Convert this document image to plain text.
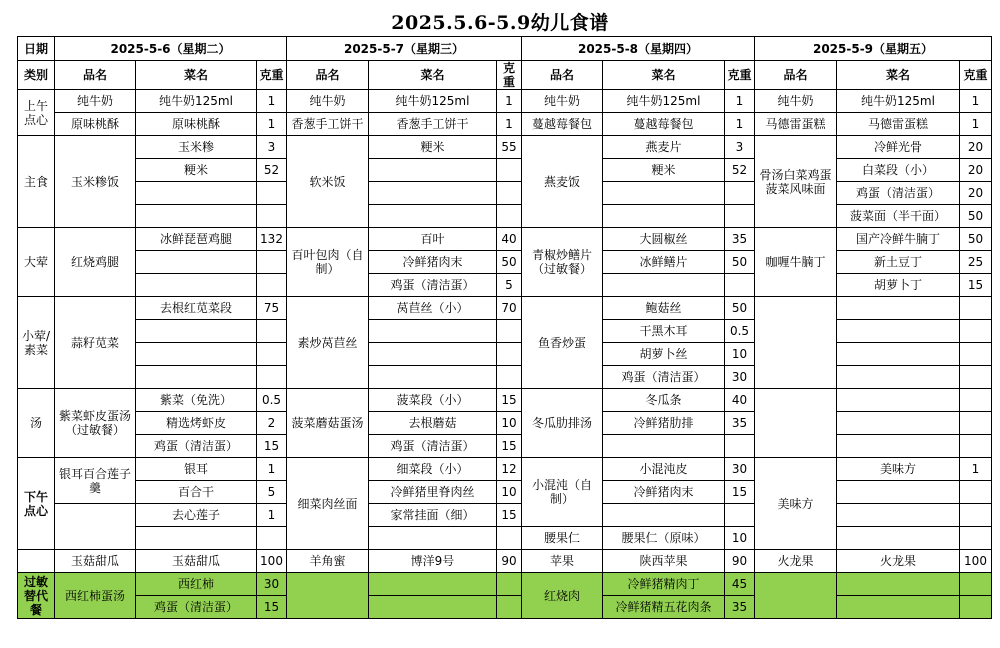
2025.5.6-5.9幼儿食谱
日期	2025-5-6（星期二）			2025-5-7（星期三）			2025-5-8（星期四）			2025-5-9（星期五）		
类别	品名	菜名	克重	品名	菜名	克重	品名	菜名	克重	品名	菜名	克重
上午点心	纯牛奶	纯牛奶125ml	1	纯牛奶	纯牛奶125ml	1	纯牛奶	纯牛奶125ml	1	纯牛奶	纯牛奶125ml	1
	原味桃酥	原味桃酥	1	香葱手工饼干	香葱手工饼干	1	蔓越莓餐包	蔓越莓餐包	1	马德雷蛋糕	马德雷蛋糕	1
主食	玉米糁饭	玉米糁	3	软米饭	粳米	55	燕麦饭	燕麦片	3	骨汤白菜鸡蛋菠菜风味面	冷鲜光骨	20
		粳米	52					粳米	52		白菜段（小）	20
											鸡蛋（清洁蛋）	20
											菠菜面（半干面）	50
大荤	红烧鸡腿	冰鲜琵琶鸡腿	132	百叶包肉（自制）	百叶	40	青椒炒鳝片（过敏餐）	大圆椒丝	35	咖喱牛腩丁	国产冷鲜牛腩丁	50
					冷鲜猪肉末	50		冰鲜鳝片	50		新土豆丁	25
					鸡蛋（清洁蛋）	5					胡萝卜丁	15
小荤/素菜	蒜籽苋菜	去根红苋菜段	75	素炒莴苣丝	莴苣丝（小）	70	鱼香炒蛋	鲍菇丝	50			
								干黑木耳	0.5			
								胡萝卜丝	10			
								鸡蛋（清洁蛋）	30			
汤	紫菜虾皮蛋汤（过敏餐）	紫菜（免洗）	0.5	菠菜蘑菇蛋汤	菠菜段（小）	15	冬瓜肋排汤	冬瓜条	40			
		精选烤虾皮	2		去根蘑菇	10		冷鲜猪肋排	35			
		鸡蛋（清洁蛋）	15		鸡蛋（清洁蛋）	15						
下午点心	银耳百合莲子羹	银耳	1	细菜肉丝面	细菜段（小）	12	小混沌（自制）	小混沌皮	30	美味方	美味方	1
		百合干	5		冷鲜猪里脊肉丝	10		冷鲜猪肉末	15			
		去心莲子	1		家常挂面（细）	15						
							腰果仁	腰果仁（原味）	10			
	玉菇甜瓜	玉菇甜瓜	100	羊角蜜	博洋9号	90	苹果	陕西苹果	90	火龙果	火龙果	100
过敏替代餐	西红柿蛋汤	西红柿	30				红烧肉	冷鲜猪精肉丁	45			
		鸡蛋（清洁蛋）	15					冷鲜猪精五花肉条	35			
